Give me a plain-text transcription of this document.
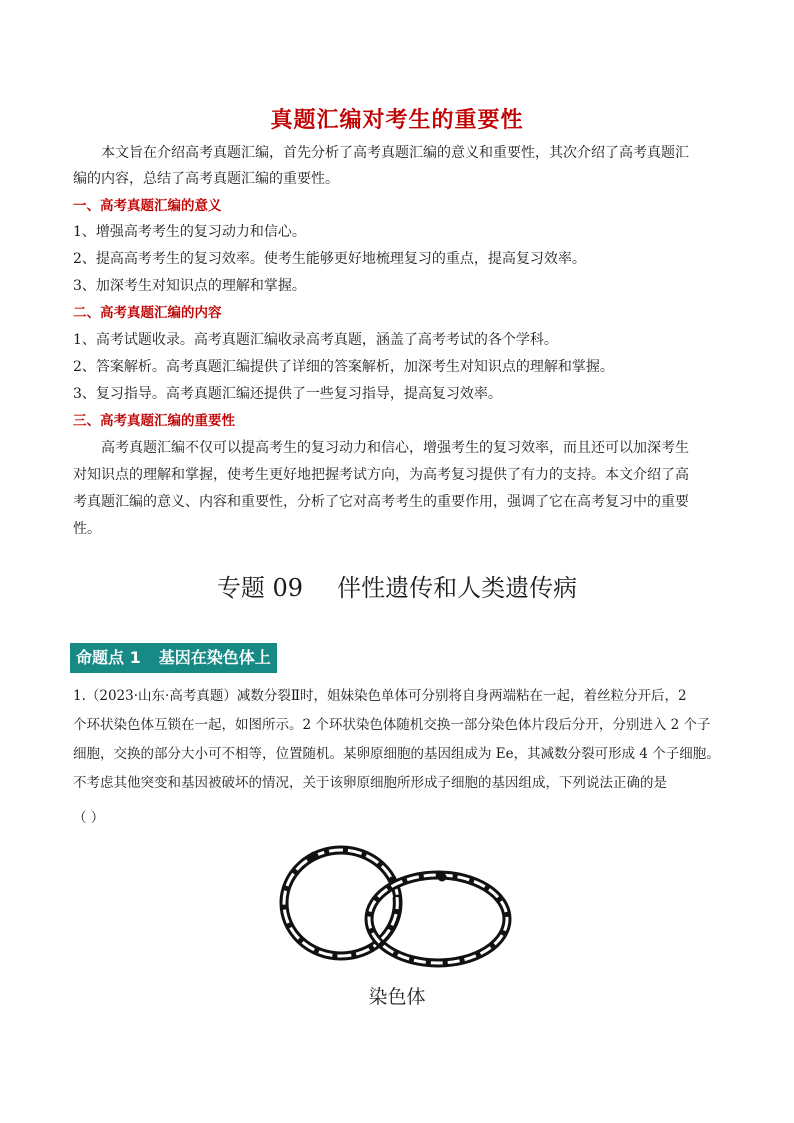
真题汇编对考生的重要性
本文旨在介绍高考真题汇编，首先分析了高考真题汇编的意义和重要性，其次介绍了高考真题汇
编的内容，总结了高考真题汇编的重要性。
一、高考真题汇编的意义
1、增强高考考生的复习动力和信心。
2、提高高考考生的复习效率。使考生能够更好地梳理复习的重点，提高复习效率。
3、加深考生对知识点的理解和掌握。
二、高考真题汇编的内容
1、高考试题收录。高考真题汇编收录高考真题，涵盖了高考考试的各个学科。
2、答案解析。高考真题汇编提供了详细的答案解析，加深考生对知识点的理解和掌握。
3、复习指导。高考真题汇编还提供了一些复习指导，提高复习效率。
三、高考真题汇编的重要性
高考真题汇编不仅可以提高考生的复习动力和信心，增强考生的复习效率，而且还可以加深考生
对知识点的理解和掌握，使考生更好地把握考试方向，为高考复习提供了有力的支持。本文介绍了高
考真题汇编的意义、内容和重要性，分析了它对高考考生的重要作用，强调了它在高考复习中的重要
性。
专题 09 伴性遗传和人类遗传病
命题点 1 基因在染色体上
1.（2023·山东·高考真题）减数分裂Ⅱ时，姐妹染色单体可分别将自身两端粘在一起，着丝粒分开后，2
个环状染色体互锁在一起，如图所示。2 个环状染色体随机交换一部分染色体片段后分开，分别进入 2 个子
细胞，交换的部分大小可不相等，位置随机。某卵原细胞的基因组成为 Ee，其减数分裂可形成 4 个子细胞。
不考虑其他突变和基因被破坏的情况，关于该卵原细胞所形成子细胞的基因组成，下列说法正确的是
（ ）
染色体
